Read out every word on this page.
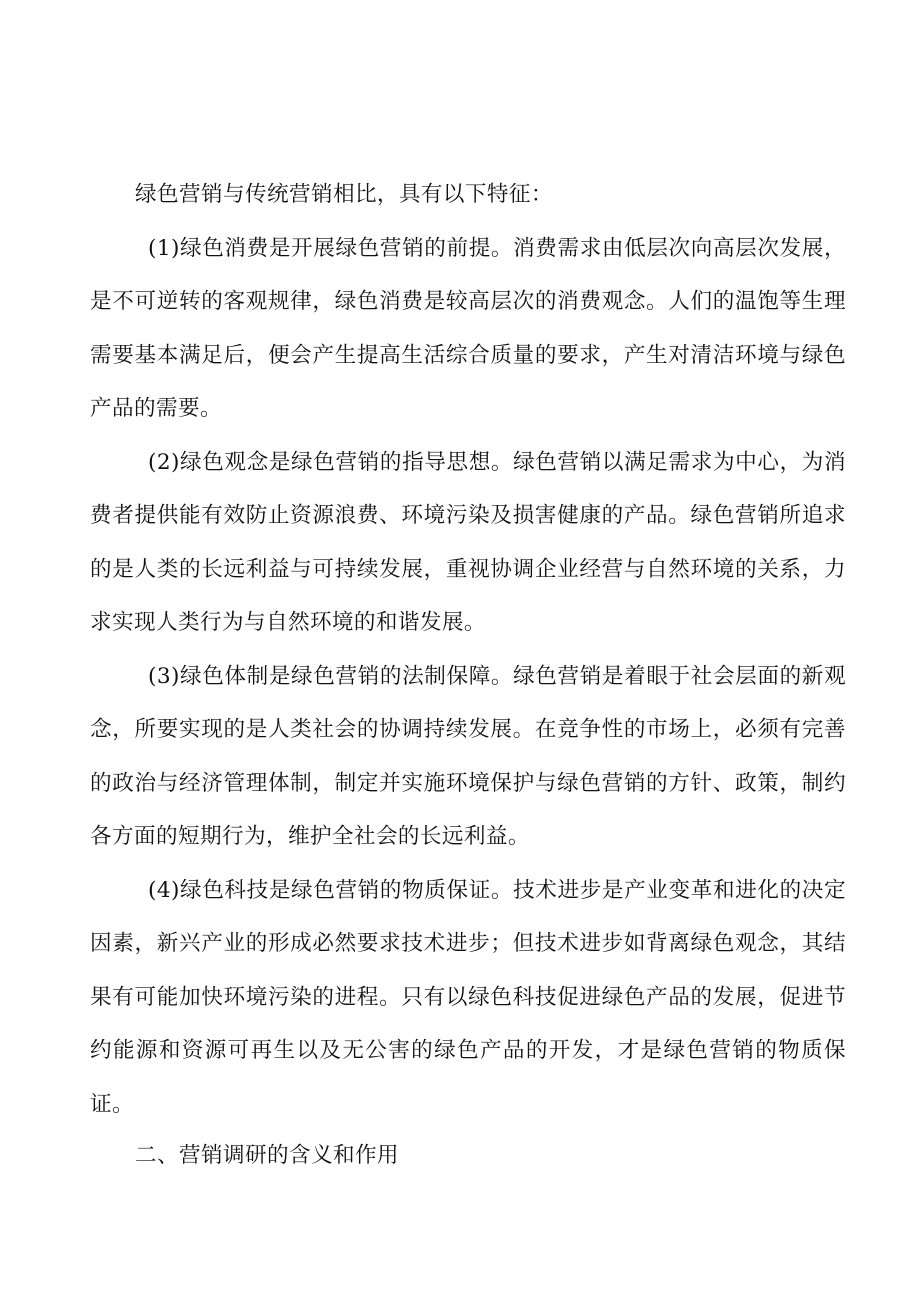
绿色营销与传统营销相比，具有以下特征：

(1)绿色消费是开展绿色营销的前提。消费需求由低层次向高层次发展，是不可逆转的客观规律，绿色消费是较高层次的消费观念。人们的温饱等生理需要基本满足后，便会产生提高生活综合质量的要求，产生对清洁环境与绿色产品的需要。

(2)绿色观念是绿色营销的指导思想。绿色营销以满足需求为中心，为消费者提供能有效防止资源浪费、环境污染及损害健康的产品。绿色营销所追求的是人类的长远利益与可持续发展，重视协调企业经营与自然环境的关系，力求实现人类行为与自然环境的和谐发展。

(3)绿色体制是绿色营销的法制保障。绿色营销是着眼于社会层面的新观念，所要实现的是人类社会的协调持续发展。在竞争性的市场上，必须有完善的政治与经济管理体制，制定并实施环境保护与绿色营销的方针、政策，制约各方面的短期行为，维护全社会的长远利益。

(4)绿色科技是绿色营销的物质保证。技术进步是产业变革和进化的决定因素，新兴产业的形成必然要求技术进步；但技术进步如背离绿色观念，其结果有可能加快环境污染的进程。只有以绿色科技促进绿色产品的发展，促进节约能源和资源可再生以及无公害的绿色产品的开发，才是绿色营销的物质保证。

二、营销调研的含义和作用
